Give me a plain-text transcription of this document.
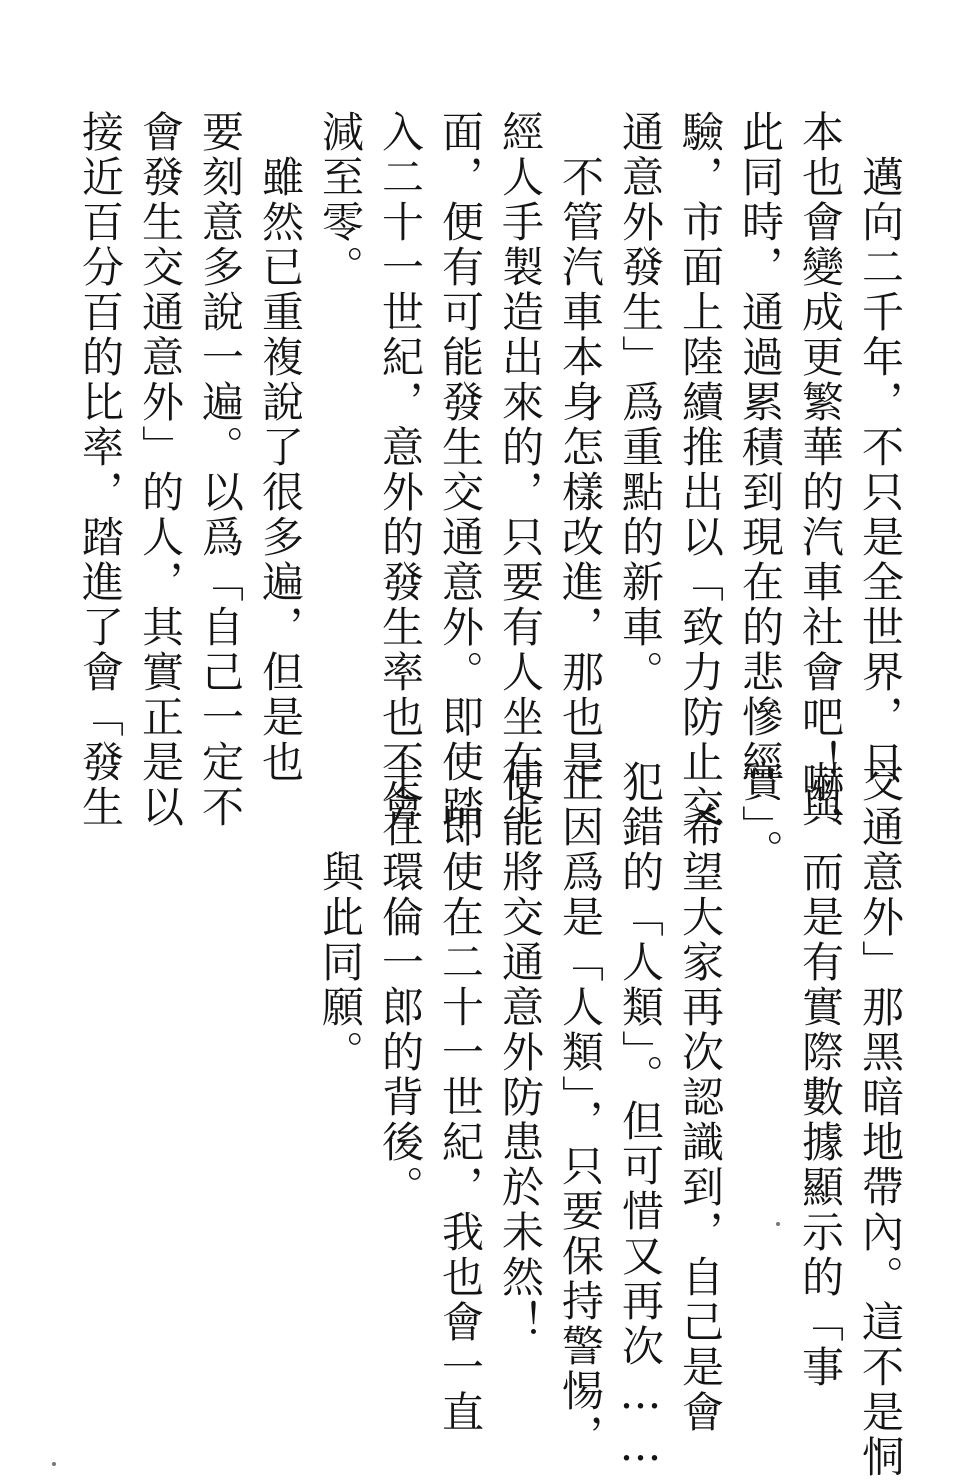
　邁向二千年，不只是全世界，日
本也會變成更繁華的汽車社會吧！與
此同時，通過累積到現在的悲慘經
驗，市面上陸續推出以「致力防止交
通意外發生」爲重點的新車。
　不管汽車本身怎樣改進，那也是
經人手製造出來的，只要有人坐在上
面，便有可能發生交通意外。即使踏
入二十一世紀，意外的發生率也不會
減至零。
　雖然已重複說了很多遍，但是也
要刻意多說一遍。以爲「自己一定不
會發生交通意外」的人，其實正是以
接近百分百的比率，踏進了會「發生
交通意外」那黑暗地帶內。這不是恫
嚇，而是有實際數據顯示的「事
實」。
　希望大家再次認識到，自己是會
犯錯的「人類」。但可惜又再次……
正因爲是「人類」，只要保持警惕，
便能將交通意外防患於未然！
　即使在二十一世紀，我也會一直
走在環倫一郎的背後。
　　與此同願。
